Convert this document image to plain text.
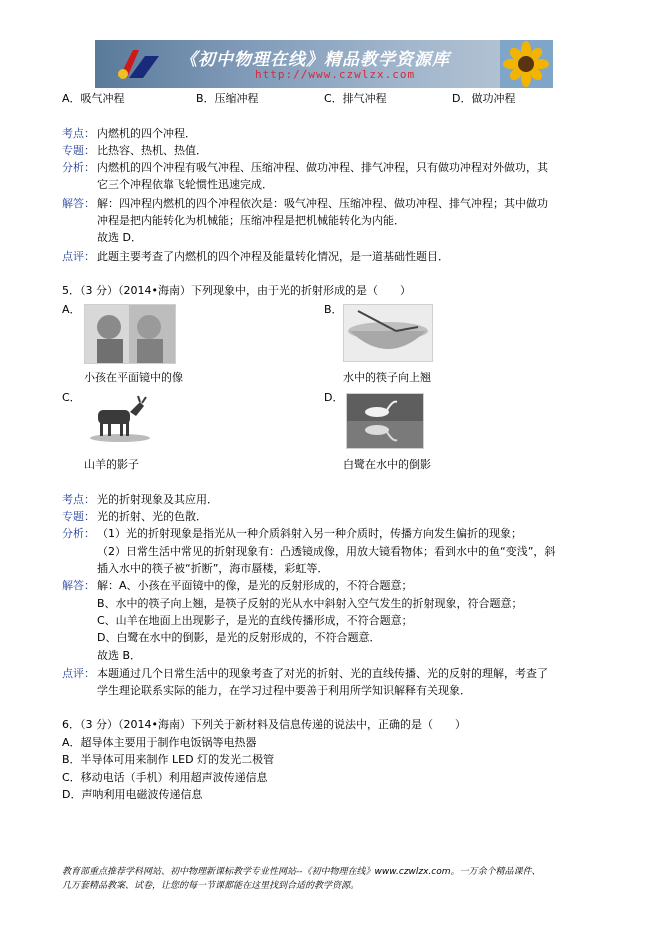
《初中物理在线》精品教学资源库
http://www.czwlzx.com
A．吸气冲程	B．压缩冲程	C．排气冲程	D．做功冲程
考点： 内燃机的四个冲程．
专题： 比热容、热机、热值．
分析： 内燃机的四个冲程有吸气冲程、压缩冲程、做功冲程、排气冲程，只有做功冲程对外做功，其
它三个冲程依靠飞轮惯性迅速完成．
解答： 解：四冲程内燃机的四个冲程依次是：吸气冲程、压缩冲程、做功冲程、排气冲程；其中做功
冲程是把内能转化为机械能；压缩冲程是把机械能转化为内能．
故选 D．
点评： 此题主要考查了内燃机的四个冲程及能量转化情况，是一道基础性题目．
5．（3 分）（2014•海南）下列现象中，由于光的折射形成的是（　　）
A．
小孩在平面镜中的像
B．
水中的筷子向上翘
C．
山羊的影子
D．
白鹭在水中的倒影
考点： 光的折射现象及其应用．
专题： 光的折射、光的色散．
分析： （1）光的折射现象是指光从一种介质斜射入另一种介质时，传播方向发生偏折的现象；
（2）日常生活中常见的折射现象有：凸透镜成像，用放大镜看物体；看到水中的鱼“变浅”，斜
插入水中的筷子被“折断”，海市蜃楼，彩虹等．
解答： 解：A、小孩在平面镜中的像，是光的反射形成的，不符合题意；
B、水中的筷子向上翘，是筷子反射的光从水中斜射入空气发生的折射现象，符合题意；
C、山羊在地面上出现影子，是光的直线传播形成，不符合题意；
D、白鹭在水中的倒影，是光的反射形成的，不符合题意．
故选 B．
点评： 本题通过几个日常生活中的现象考查了对光的折射、光的直线传播、光的反射的理解，考查了
学生理论联系实际的能力，在学习过程中要善于利用所学知识解释有关现象．
6．（3 分）（2014•海南）下列关于新材料及信息传递的说法中，正确的是（　　）
A．超导体主要用于制作电饭锅等电热器
B．半导体可用来制作 LED 灯的发光二极管
C．移动电话（手机）利用超声波传递信息
D．声呐利用电磁波传递信息
教育部重点推荐学科网站、初中物理新课标教学专业性网站--《初中物理在线》www.czwlzx.com。一万余个精品课件、
几万套精品教案、试卷，让您的每一节课都能在这里找到合适的教学资源。
